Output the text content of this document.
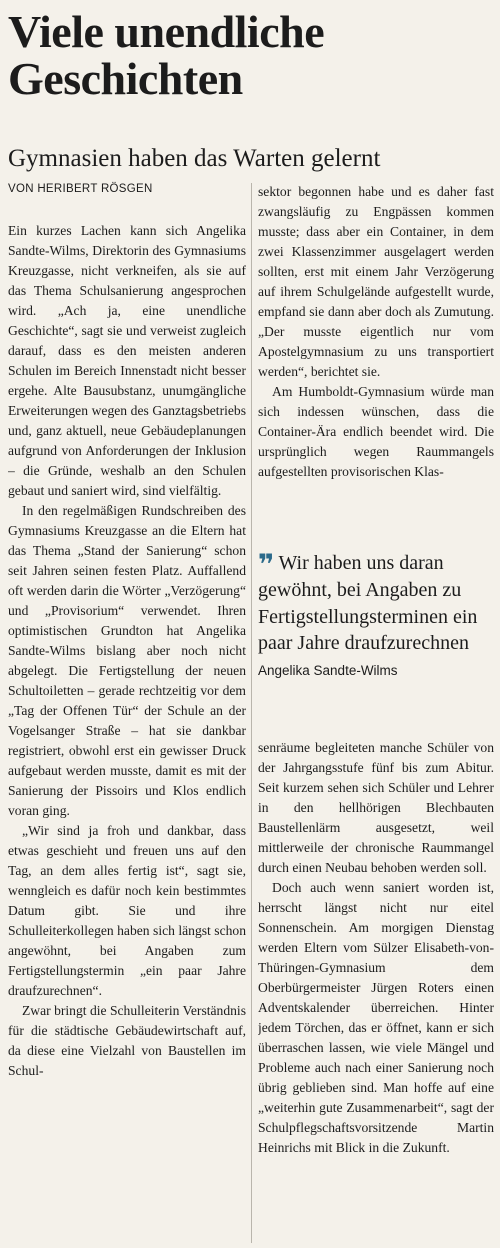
Viele unendliche Geschichten
Gymnasien haben das Warten gelernt

VON HERIBERT RÖSGEN

Ein kurzes Lachen kann sich Angelika Sandte-Wilms, Direktorin des Gymnasiums Kreuzgasse, nicht verkneifen, als sie auf das Thema Schulsanierung angesprochen wird. „Ach ja, eine unendliche Geschichte“, sagt sie und verweist zugleich darauf, dass es den meisten anderen Schulen im Bereich Innenstadt nicht besser ergehe. Alte Bausubstanz, unumgängliche Erweiterungen wegen des Ganztagsbetriebs und, ganz aktuell, neue Gebäudeplanungen aufgrund von Anforderungen der Inklusion – die Gründe, weshalb an den Schulen gebaut und saniert wird, sind vielfältig.

In den regelmäßigen Rundschreiben des Gymnasiums Kreuzgasse an die Eltern hat das Thema „Stand der Sanierung“ schon seit Jahren seinen festen Platz. Auffallend oft werden darin die Wörter „Verzögerung“ und „Provisorium“ verwendet. Ihren optimistischen Grundton hat Angelika Sandte-Wilms bislang aber noch nicht abgelegt. Die Fertigstellung der neuen Schultoiletten – gerade rechtzeitig vor dem „Tag der Offenen Tür“ der Schule an der Vogelsanger Straße – hat sie dankbar registriert, obwohl erst ein gewisser Druck aufgebaut werden musste, damit es mit der Sanierung der Pissoirs und Klos endlich voran ging.

„Wir sind ja froh und dankbar, dass etwas geschieht und freuen uns auf den Tag, an dem alles fertig ist“, sagt sie, wenngleich es dafür noch kein bestimmtes Datum gibt. Sie und ihre Schulleiterkollegen haben sich längst schon angewöhnt, bei Angaben zum Fertigstellungstermin „ein paar Jahre draufzurechnen“.

Zwar bringt die Schulleiterin Verständnis für die städtische Gebäudewirtschaft auf, da diese eine Vielzahl von Baustellen im Schul-

sektor begonnen habe und es daher fast zwangsläufig zu Engpässen kommen musste; dass aber ein Container, in dem zwei Klassenzimmer ausgelagert werden sollten, erst mit einem Jahr Verzögerung auf ihrem Schulgelände aufgestellt wurde, empfand sie dann aber doch als Zumutung. „Der musste eigentlich nur vom Apostelgymnasium zu uns transportiert werden“, berichtet sie.

Am Humboldt-Gymnasium würde man sich indessen wünschen, dass die Container-Ära endlich beendet wird. Die ursprünglich wegen Raummangels aufgestellten provisorischen Klas-

❞ Wir haben uns daran gewöhnt, bei Angaben zu Fertigstellungsterminen ein paar Jahre draufzurechnen

Angelika Sandte-Wilms

senräume begleiteten manche Schüler von der Jahrgangsstufe fünf bis zum Abitur. Seit kurzem sehen sich Schüler und Lehrer in den hellhörigen Blechbauten Baustellenlärm ausgesetzt, weil mittlerweile der chronische Raummangel durch einen Neubau behoben werden soll.

Doch auch wenn saniert worden ist, herrscht längst nicht nur eitel Sonnenschein. Am morgigen Dienstag werden Eltern vom Sülzer Elisabeth-von-Thüringen-Gymnasium dem Oberbürgermeister Jürgen Roters einen Adventskalender überreichen. Hinter jedem Törchen, das er öffnet, kann er sich überraschen lassen, wie viele Mängel und Probleme auch nach einer Sanierung noch übrig geblieben sind. Man hoffe auf eine „weiterhin gute Zusammenarbeit“, sagt der Schulpflegschaftsvorsitzende Martin Heinrichs mit Blick in die Zukunft.
